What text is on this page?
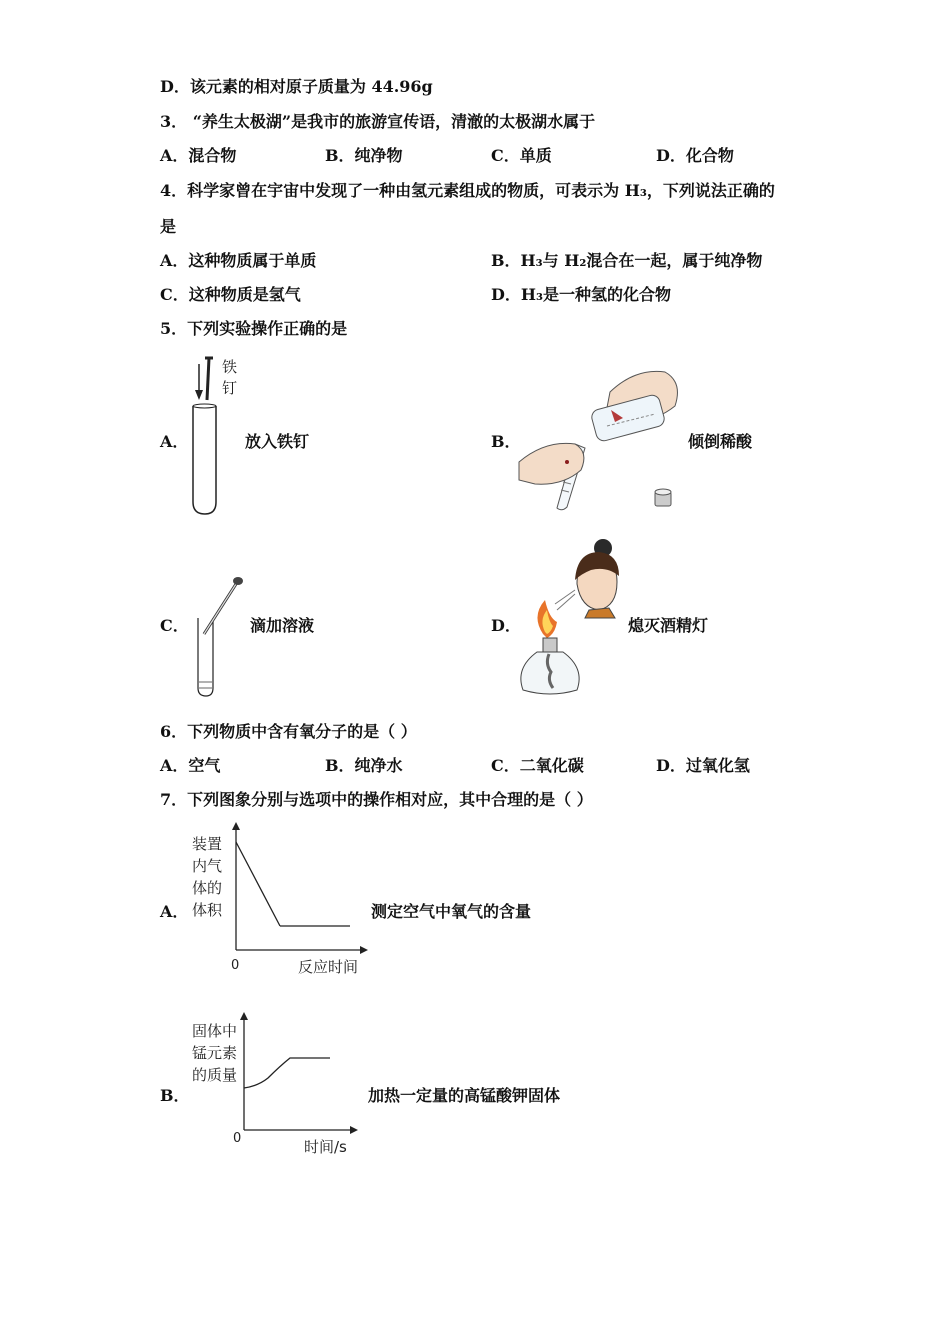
D．该元素的相对原子质量为 44.96g
3． “养生太极湖”是我市的旅游宣传语，清澈的太极湖水属于
A．混合物	B．纯净物	C．单质	D．化合物
4．科学家曾在宇宙中发现了一种由氢元素组成的物质，可表示为 H₃，下列说法正确的
是
A．这种物质属于单质	B．H₃与 H₂混合在一起，属于纯净物
C．这种物质是氢气	D．H₃是一种氢的化合物
5．下列实验操作正确的是
A．
铁
钉
放入铁钉	B．	倾倒稀酸
C．	滴加溶液	D．	熄灭酒精灯
6．下列物质中含有氧分子的是（ ）
A．空气	B．纯净水	C．二氧化碳	D．过氧化氢
7．下列图象分别与选项中的操作相对应，其中合理的是（ ）
A．
装置
内气
体的
体积
0	反应时间
测定空气中氧气的含量
B．
固体中
锰元素
的质量
0	时间/s
加热一定量的高锰酸钾固体
